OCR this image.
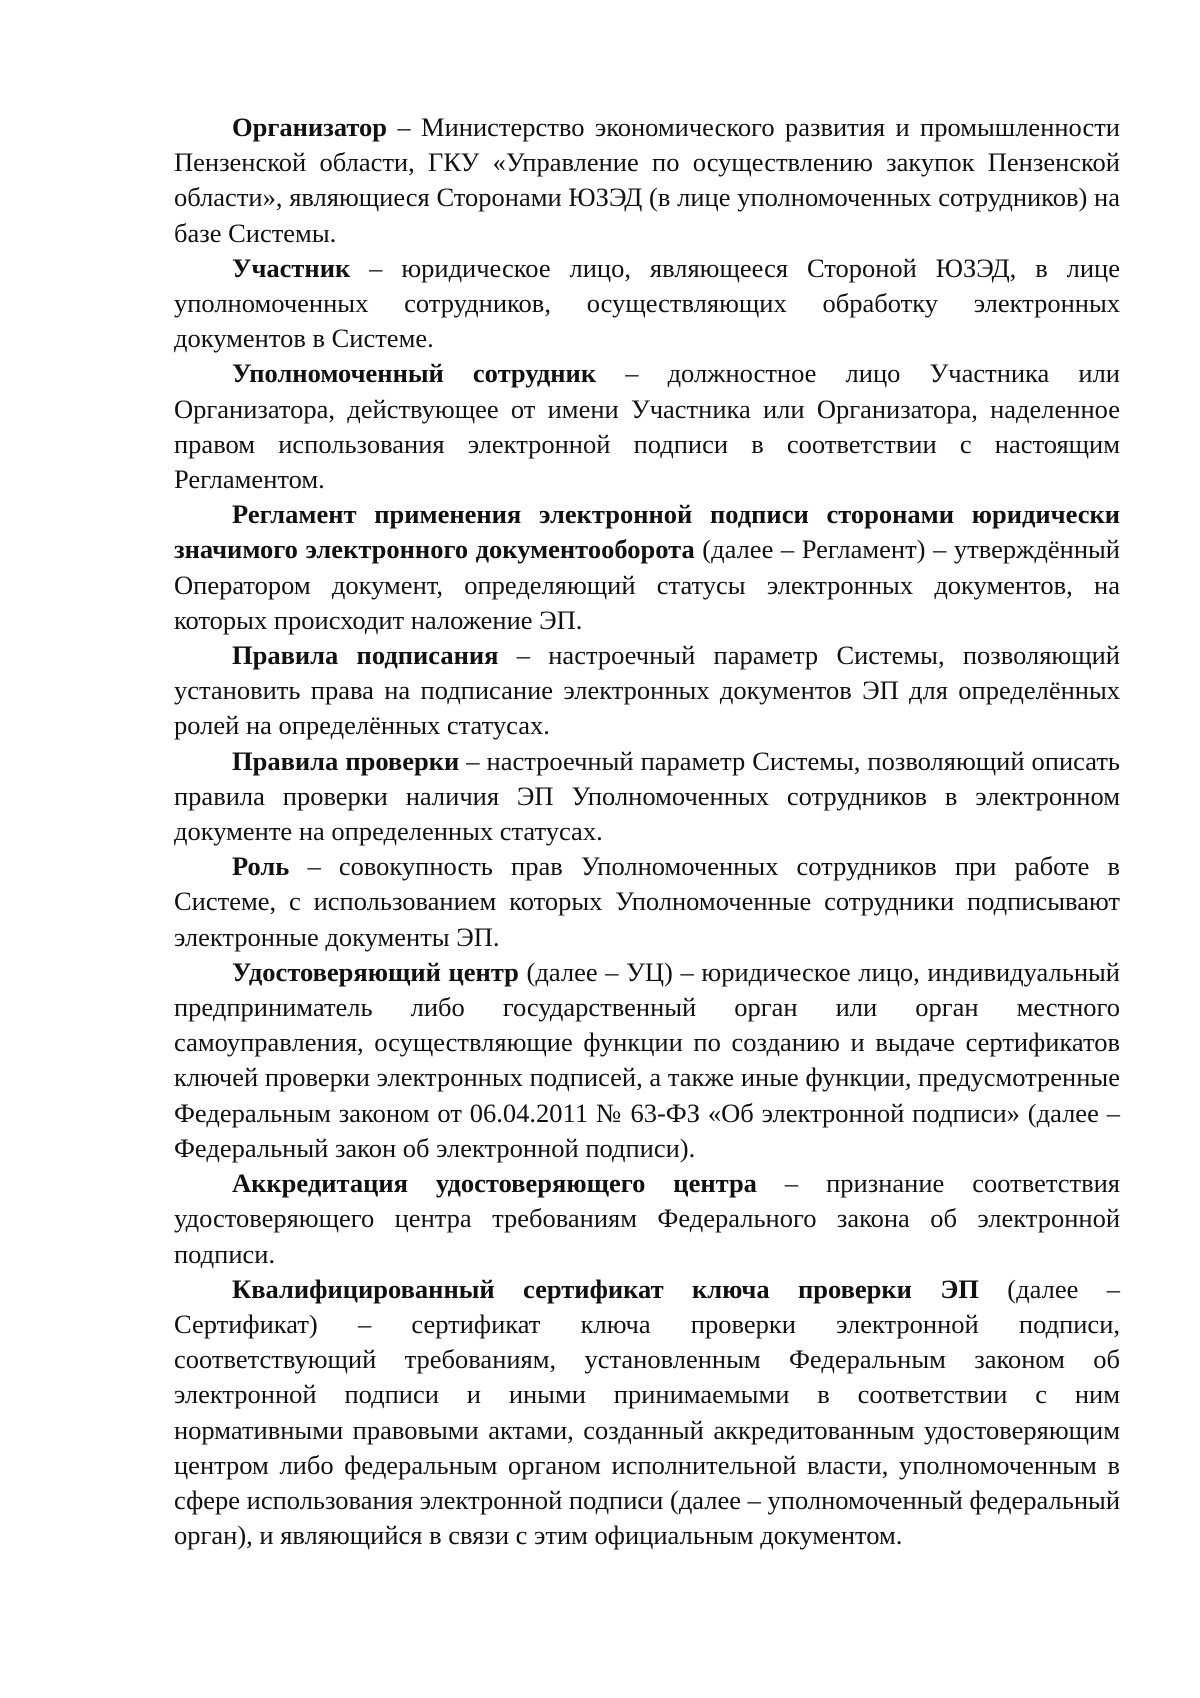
Организатор – Министерство экономического развития и промышленности Пензенской области, ГКУ «Управление по осуществлению закупок Пензенской области», являющиеся Сторонами ЮЗЭД (в лице уполномоченных сотрудников) на базе Системы.

Участник – юридическое лицо, являющееся Стороной ЮЗЭД, в лице уполномоченных сотрудников, осуществляющих обработку электронных документов в Системе.

Уполномоченный сотрудник – должностное лицо Участника или Организатора, действующее от имени Участника или Организатора, наделенное правом использования электронной подписи в соответствии с настоящим Регламентом.

Регламент применения электронной подписи сторонами юридически значимого электронного документооборота (далее – Регламент) – утверждённый Оператором документ, определяющий статусы электронных документов, на которых происходит наложение ЭП.

Правила подписания – настроечный параметр Системы, позволяющий установить права на подписание электронных документов ЭП для определённых ролей на определённых статусах.

Правила проверки – настроечный параметр Системы, позволяющий описать правила проверки наличия ЭП Уполномоченных сотрудников в электронном документе на определенных статусах.

Роль – совокупность прав Уполномоченных сотрудников при работе в Системе, с использованием которых Уполномоченные сотрудники подписывают электронные документы ЭП.

Удостоверяющий центр (далее – УЦ) – юридическое лицо, индивидуальный предприниматель либо государственный орган или орган местного самоуправления, осуществляющие функции по созданию и выдаче сертификатов ключей проверки электронных подписей, а также иные функции, предусмотренные Федеральным законом от 06.04.2011 № 63-ФЗ «Об электронной подписи» (далее – Федеральный закон об электронной подписи).

Аккредитация удостоверяющего центра – признание соответствия удостоверяющего центра требованиям Федерального закона об электронной подписи.

Квалифицированный сертификат ключа проверки ЭП (далее – Сертификат) – сертификат ключа проверки электронной подписи, соответствующий требованиям, установленным Федеральным законом об электронной подписи и иными принимаемыми в соответствии с ним нормативными правовыми актами, созданный аккредитованным удостоверяющим центром либо федеральным органом исполнительной власти, уполномоченным в сфере использования электронной подписи (далее – уполномоченный федеральный орган), и являющийся в связи с этим официальным документом.
